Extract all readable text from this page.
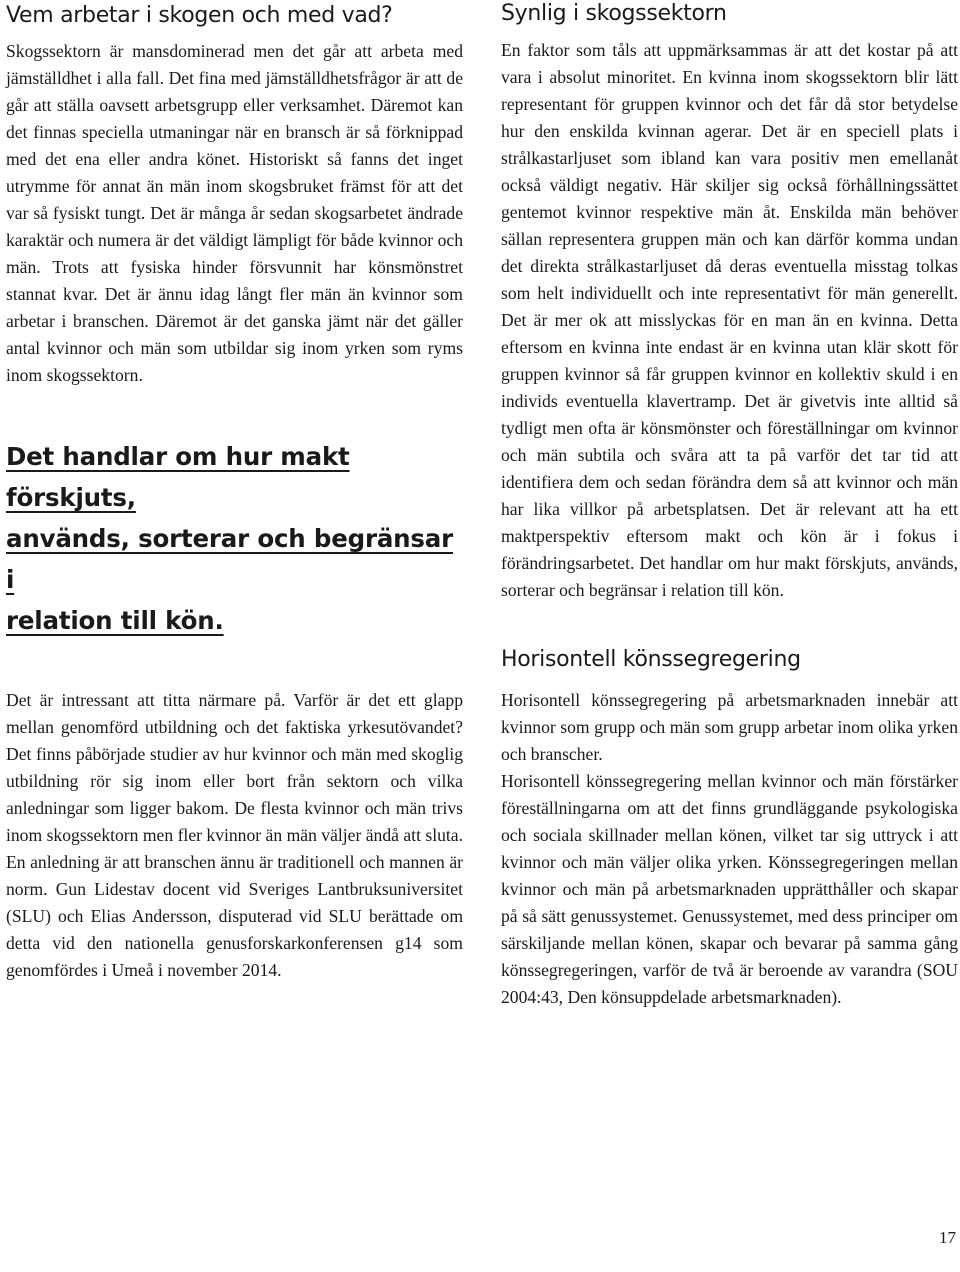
Vem arbetar i skogen och med vad?

Skogssektorn är mansdominerad men det går att arbeta med jämställdhet i alla fall. Det fina med jämställdhetsfrågor är att de går att ställa oavsett arbetsgrupp eller verksamhet. Däremot kan det finnas speciella utmaningar när en bransch är så förknippad med det ena eller andra könet. Historiskt så fanns det inget utrymme för annat än män inom skogsbruket främst för att det var så fysiskt tungt. Det är många år sedan skogsarbetet ändrade karaktär och numera är det väldigt lämpligt för både kvinnor och män. Trots att fysiska hinder försvunnit har könsmönstret stannat kvar. Det är ännu idag långt fler män än kvinnor som arbetar i branschen. Däremot är det ganska jämt när det gäller antal kvinnor och män som utbildar sig inom yrken som ryms inom skogssektorn.

Det handlar om hur makt förskjuts,

används, sorterar och begränsar i

relation till kön.

Det är intressant att titta närmare på. Varför är det ett glapp mellan genomförd utbildning och det faktiska yrkesutövandet? Det finns påbörjade studier av hur kvinnor och män med skoglig utbildning rör sig inom eller bort från sektorn och vilka anledningar som ligger bakom. De flesta kvinnor och män trivs inom skogssektorn men fler kvinnor än män väljer ändå att sluta. En anledning är att branschen ännu är traditionell och mannen är norm. Gun Lidestav docent vid Sveriges Lantbruksuniversitet (SLU) och Elias Andersson, disputerad vid SLU berättade om detta vid den nationella genusforskarkonferensen g14 som genomfördes i Umeå i november 2014.

Synlig i skogssektorn

En faktor som tåls att uppmärksammas är att det kostar på att vara i absolut minoritet. En kvinna inom skogssektorn blir lätt representant för gruppen kvinnor och det får då stor betydelse hur den enskilda kvinnan agerar. Det är en speciell plats i strålkastarljuset som ibland kan vara positiv men emellanåt också väldigt negativ. Här skiljer sig också förhållningssättet gentemot kvinnor respektive män åt. Enskilda män behöver sällan representera gruppen män och kan därför komma undan det direkta strålkastarljuset då deras eventuella misstag tolkas som helt individuellt och inte representativt för män generellt. Det är mer ok att misslyckas för en man än en kvinna. Detta eftersom en kvinna inte endast är en kvinna utan klär skott för gruppen kvinnor så får gruppen kvinnor en kollektiv skuld i en individs eventuella klavertramp. Det är givetvis inte alltid så tydligt men ofta är könsmönster och föreställningar om kvinnor och män subtila och svåra att ta på varför det tar tid att identifiera dem och sedan förändra dem så att kvinnor och män har lika villkor på arbetsplatsen. Det är relevant att ha ett maktperspektiv eftersom makt och kön är i fokus i förändringsarbetet. Det handlar om hur makt förskjuts, används, sorterar och begränsar i relation till kön.

Horisontell könssegregering

Horisontell könssegregering på arbetsmarknaden innebär att kvinnor som grupp och män som grupp arbetar inom olika yrken och branscher.

Horisontell könssegregering mellan kvinnor och män förstärker föreställningarna om att det finns grundläggande psykologiska och sociala skillnader mellan könen, vilket tar sig uttryck i att kvinnor och män väljer olika yrken. Könssegregeringen mellan kvinnor och män på arbetsmarknaden upprätthåller och skapar på så sätt genussystemet. Genussystemet, med dess principer om särskiljande mellan könen, skapar och bevarar på samma gång könssegregeringen, varför de två är beroende av varandra (SOU 2004:43, Den könsuppdelade arbetsmarknaden).

17
